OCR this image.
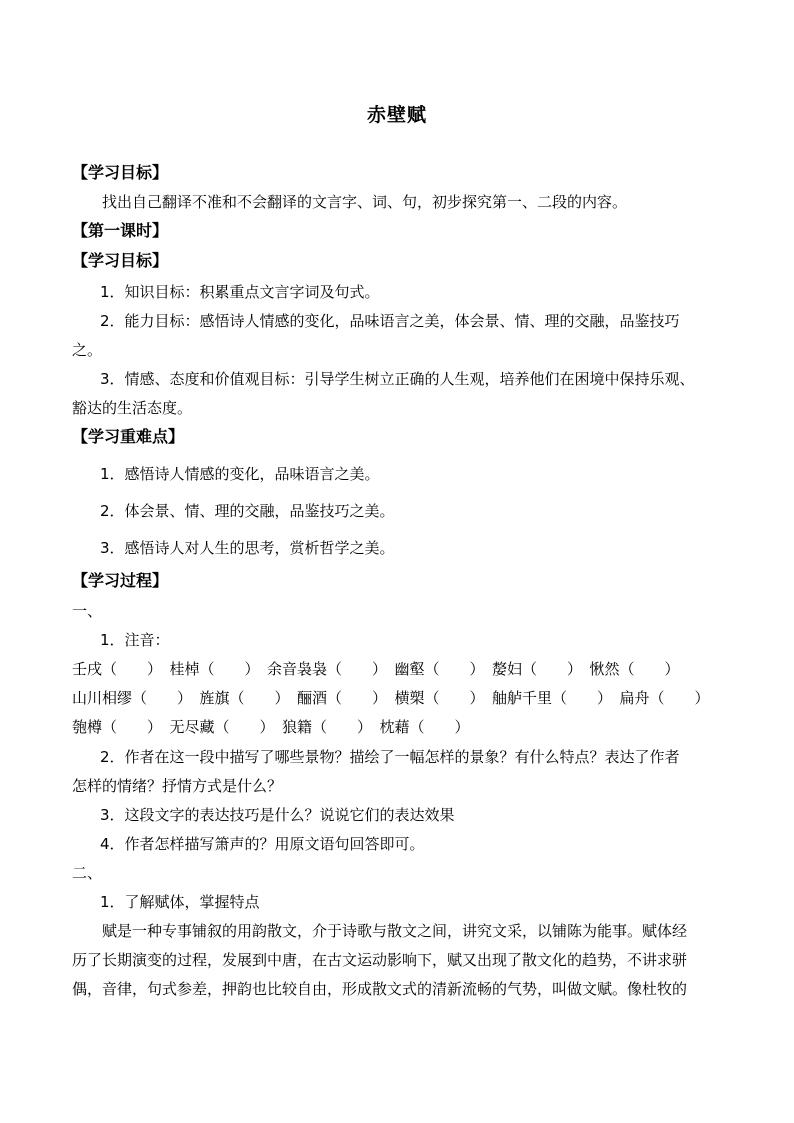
赤壁赋
【学习目标】
找出自己翻译不准和不会翻译的文言字、词、句，初步探究第一、二段的内容。
【第一课时】
【学习目标】
1．知识目标：积累重点文言字词及句式。
2．能力目标：感悟诗人情感的变化，品味语言之美，体会景、情、理的交融，品鉴技巧
之。
3．情感、态度和价值观目标：引导学生树立正确的人生观，培养他们在困境中保持乐观、
豁达的生活态度。
【学习重难点】
1．感悟诗人情感的变化，品味语言之美。
2．体会景、情、理的交融，品鉴技巧之美。
3．感悟诗人对人生的思考，赏析哲学之美。
【学习过程】
一、
1．注音：
壬戌（　　）　桂棹（　　）　余音袅袅（　　）　幽壑（　　）　嫠妇（　　）　愀然（　　）
山川相缪（　　）　旌旗（　　）　酾酒（　　）　横槊（　　）　舳舻千里（　　）　扁舟（　　）
匏樽（　　）　无尽藏（　　）　狼籍（　　）　枕藉（　　）
2．作者在这一段中描写了哪些景物？描绘了一幅怎样的景象？有什么特点？表达了作者
怎样的情绪？抒情方式是什么？
3．这段文字的表达技巧是什么？说说它们的表达效果
4．作者怎样描写箫声的？用原文语句回答即可。
二、
1．了解赋体，掌握特点
赋是一种专事铺叙的用韵散文，介于诗歌与散文之间，讲究文采，以铺陈为能事。赋体经
历了长期演变的过程，发展到中唐，在古文运动影响下，赋又出现了散文化的趋势，不讲求骈
偶，音律，句式参差，押韵也比较自由，形成散文式的清新流畅的气势，叫做文赋。像杜牧的
